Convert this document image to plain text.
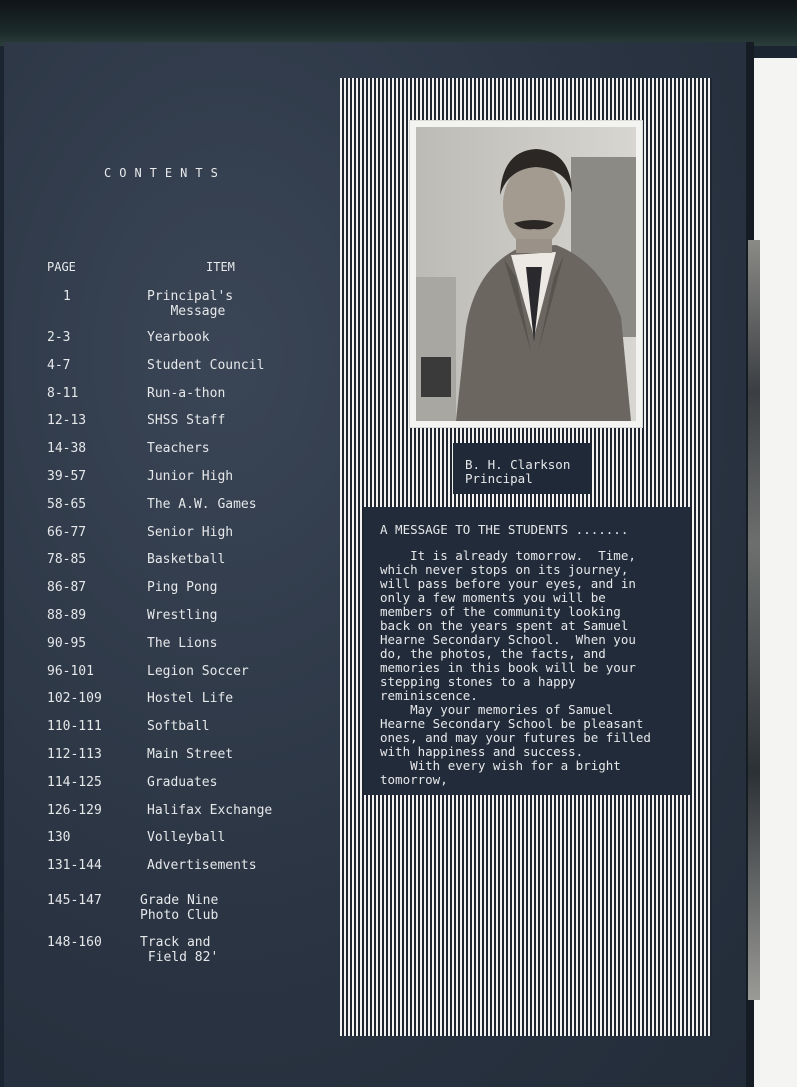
CONTENTS
PAGE	ITEM
1	Principal's
Message
2-3	Yearbook
4-7	Student Council
8-11	Run-a-thon
12-13	SHSS Staff
14-38	Teachers
39-57	Junior High
58-65	The A.W. Games
66-77	Senior High
78-85	Basketball
86-87	Ping Pong
88-89	Wrestling
90-95	The Lions
96-101	Legion Soccer
102-109	Hostel Life
110-111	Softball
112-113	Main Street
114-125	Graduates
126-129	Halifax Exchange
130	Volleyball
131-144	Advertisements
145-147	Grade Nine
Photo Club
148-160	Track and
Field 82'
B. H. Clarkson
Principal
A MESSAGE TO THE STUDENTS .......
It is already tomorrow.  Time,
which never stops on its journey,
will pass before your eyes, and in
only a few moments you will be
members of the community looking
back on the years spent at Samuel
Hearne Secondary School.  When you
do, the photos, the facts, and
memories in this book will be your
stepping stones to a happy
reminiscence.
May your memories of Samuel
Hearne Secondary School be pleasant
ones, and may your futures be filled
with happiness and success.
With every wish for a bright
tomorrow,
